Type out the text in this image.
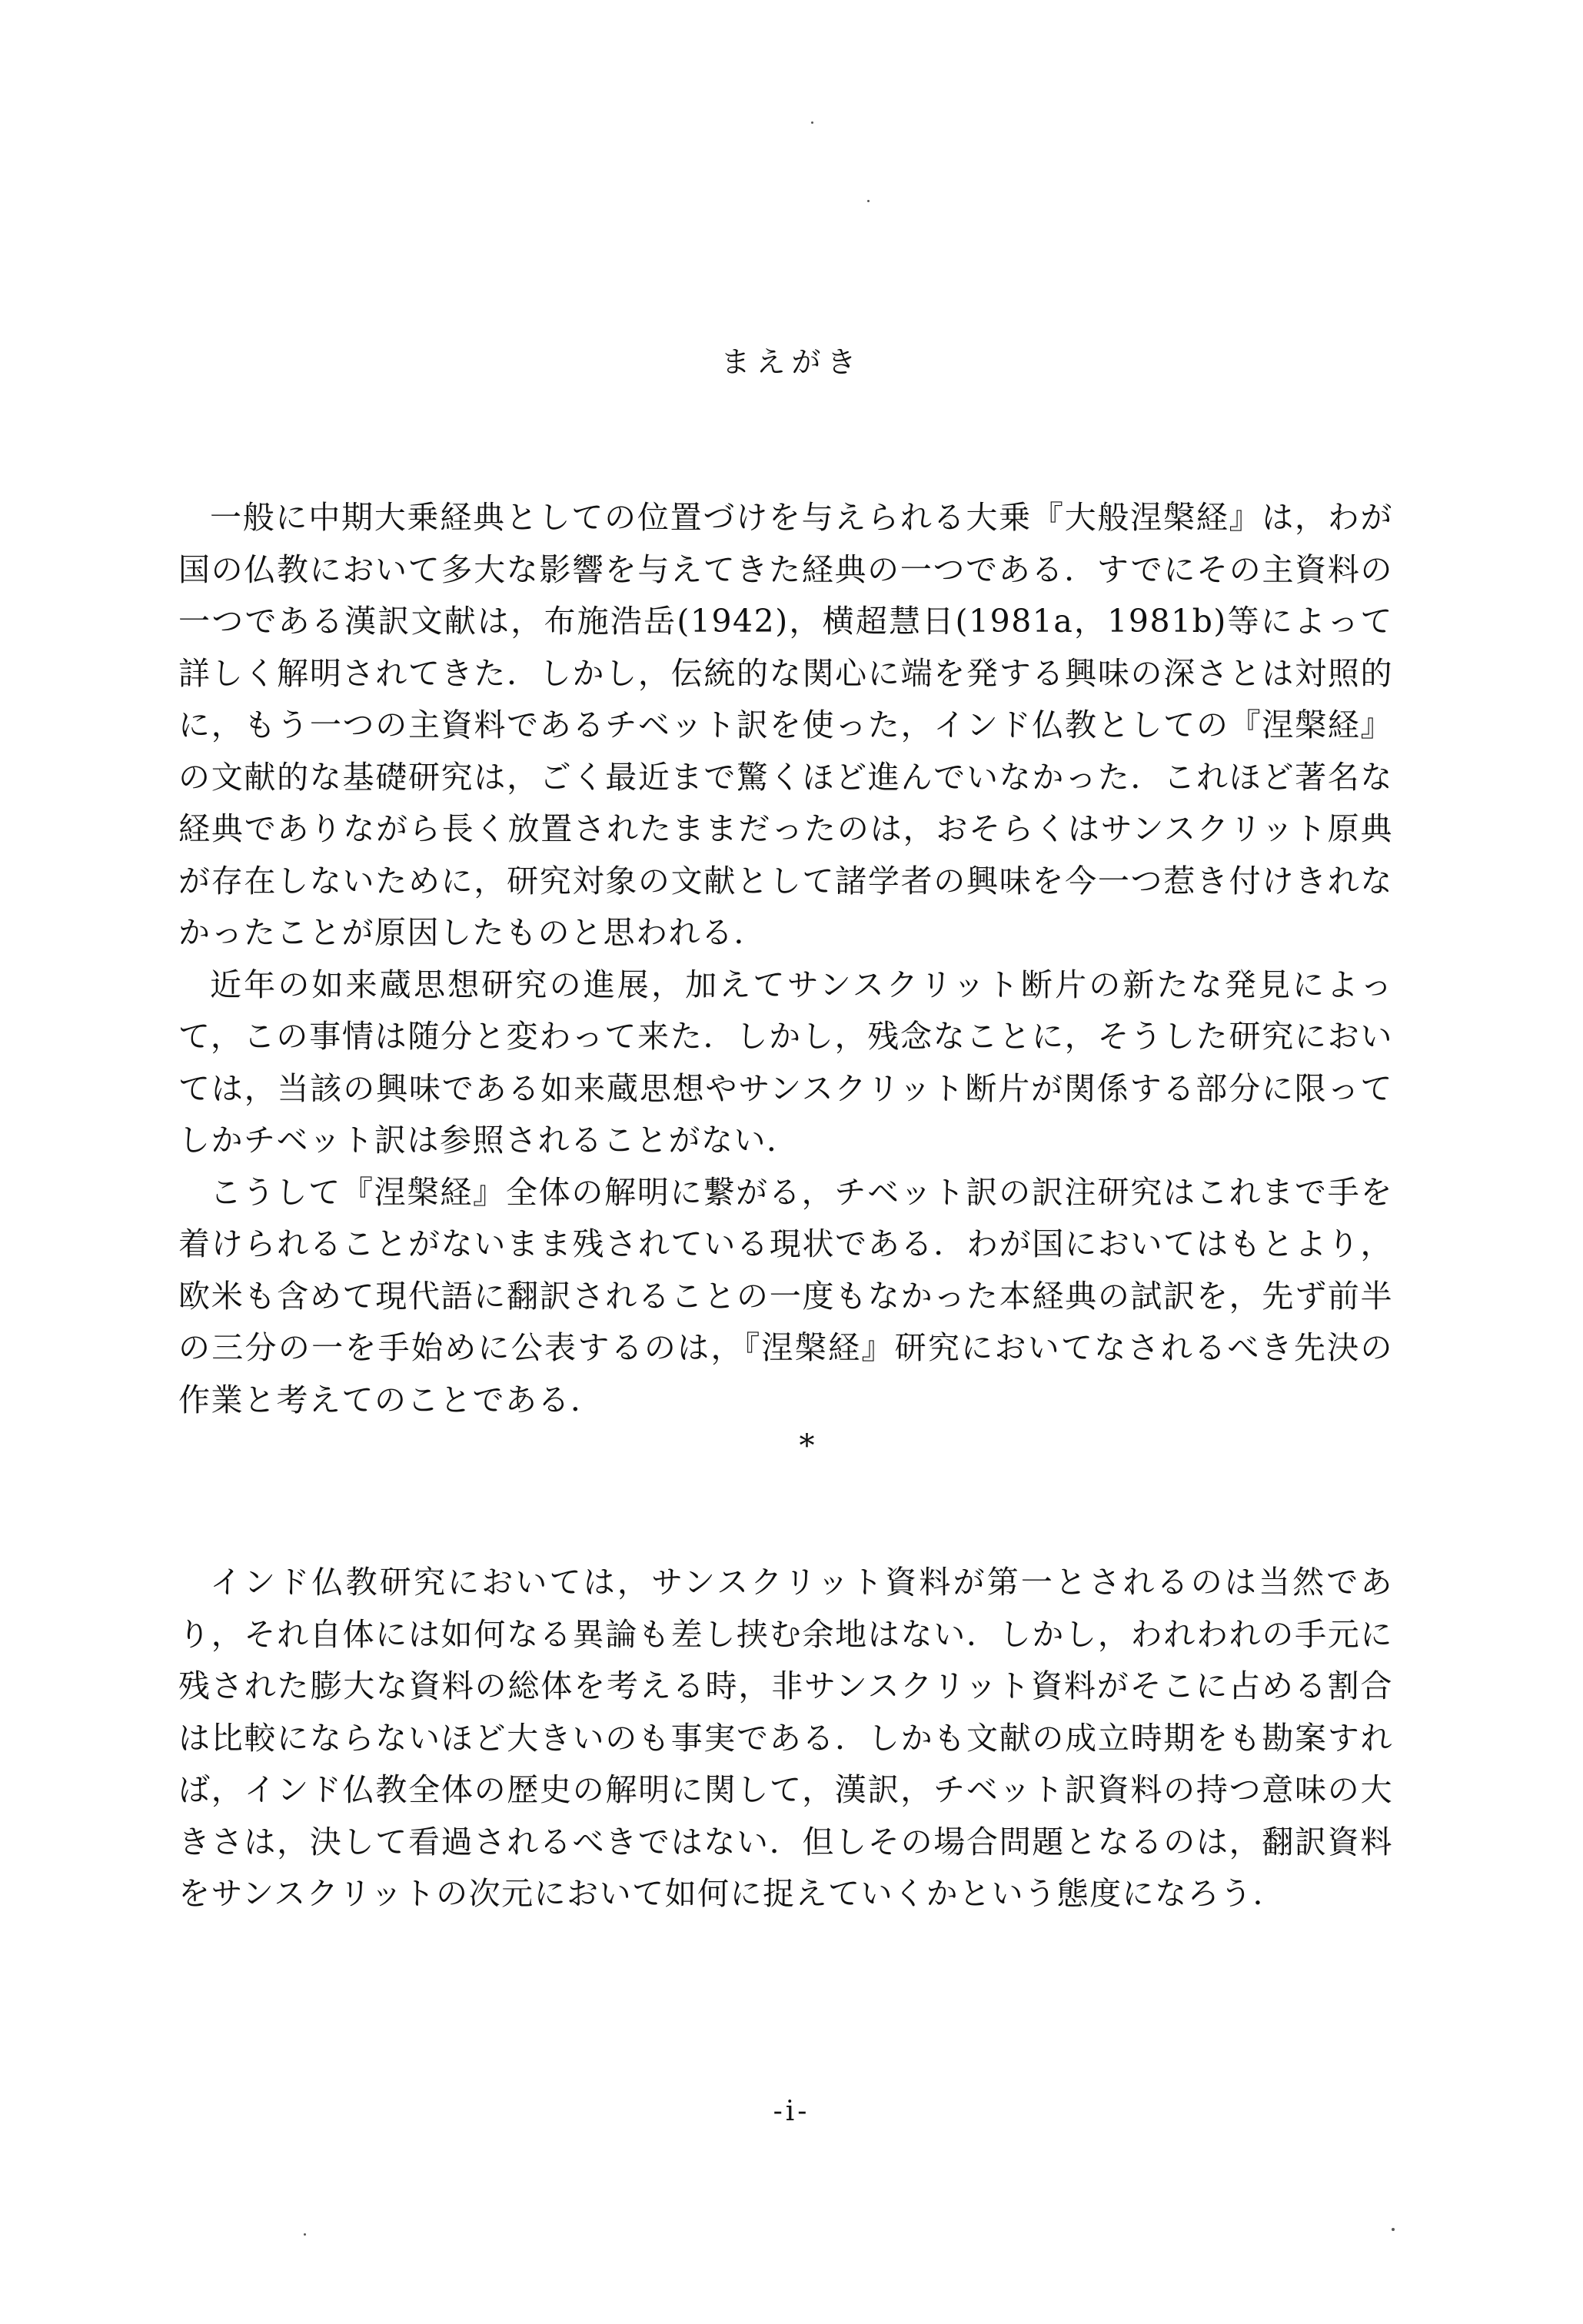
まえがき

一般に中期大乗経典としての位置づけを与えられる大乗『大般涅槃経』は，わが国の仏教において多大な影響を与えてきた経典の一つである．すでにその主資料の一つである漢訳文献は，布施浩岳(1942)，横超慧日(1981a，1981b)等によって詳しく解明されてきた．しかし，伝統的な関心に端を発する興味の深さとは対照的に，もう一つの主資料であるチベット訳を使った，インド仏教としての『涅槃経』の文献的な基礎研究は，ごく最近まで驚くほど進んでいなかった．これほど著名な経典でありながら長く放置されたままだったのは，おそらくはサンスクリット原典が存在しないために，研究対象の文献として諸学者の興味を今一つ惹き付けきれなかったことが原因したものと思われる．

近年の如来蔵思想研究の進展，加えてサンスクリット断片の新たな発見によって，この事情は随分と変わって来た．しかし，残念なことに，そうした研究においては，当該の興味である如来蔵思想やサンスクリット断片が関係する部分に限ってしかチベット訳は参照されることがない．

こうして『涅槃経』全体の解明に繋がる，チベット訳の訳注研究はこれまで手を着けられることがないまま残されている現状である．わが国においてはもとより，欧米も含めて現代語に翻訳されることの一度もなかった本経典の試訳を，先ず前半の三分の一を手始めに公表するのは，『涅槃経』研究においてなされるべき先決の作業と考えてのことである．

*

インド仏教研究においては，サンスクリット資料が第一とされるのは当然であり，それ自体には如何なる異論も差し挟む余地はない．しかし，われわれの手元に残された膨大な資料の総体を考える時，非サンスクリット資料がそこに占める割合は比較にならないほど大きいのも事実である．しかも文献の成立時期をも勘案すれば，インド仏教全体の歴史の解明に関して，漢訳，チベット訳資料の持つ意味の大きさは，決して看過されるべきではない．但しその場合問題となるのは，翻訳資料をサンスクリットの次元において如何に捉えていくかという態度になろう．

-i-
